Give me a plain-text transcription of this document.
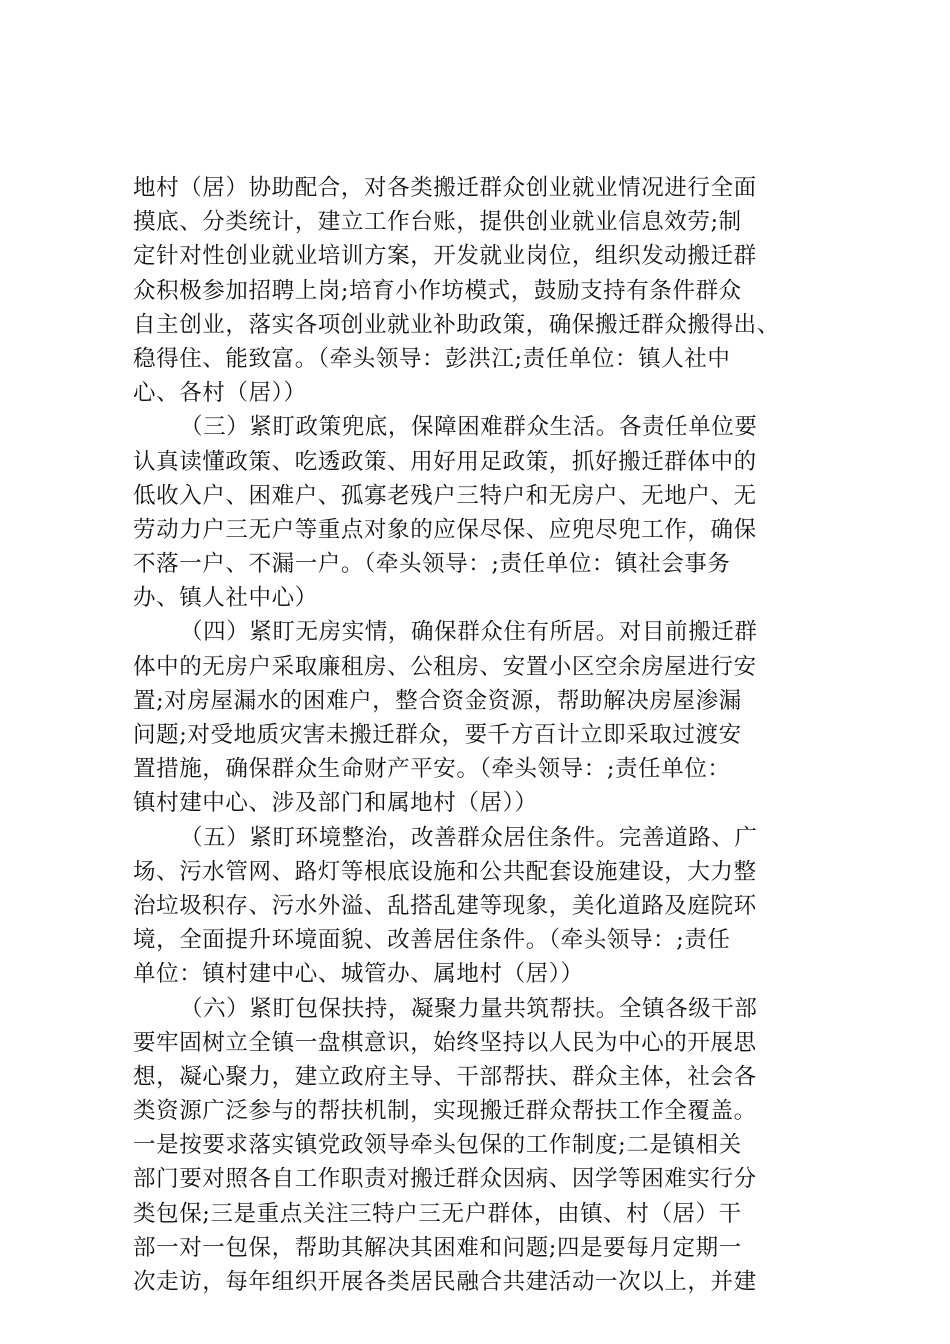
地村（居）协助配合，对各类搬迁群众创业就业情况进行全面
摸底、分类统计，建立工作台账，提供创业就业信息效劳;制
定针对性创业就业培训方案，开发就业岗位，组织发动搬迁群
众积极参加招聘上岗;培育小作坊模式，鼓励支持有条件群众
自主创业，落实各项创业就业补助政策，确保搬迁群众搬得出、
稳得住、能致富。（牵头领导：彭洪江;责任单位：镇人社中
心、各村（居））
（三）紧盯政策兜底，保障困难群众生活。各责任单位要
认真读懂政策、吃透政策、用好用足政策，抓好搬迁群体中的
低收入户、困难户、孤寡老残户三特户和无房户、无地户、无
劳动力户三无户等重点对象的应保尽保、应兜尽兜工作，确保
不落一户、不漏一户。（牵头领导：;责任单位：镇社会事务
办、镇人社中心）
（四）紧盯无房实情，确保群众住有所居。对目前搬迁群
体中的无房户采取廉租房、公租房、安置小区空余房屋进行安
置;对房屋漏水的困难户，整合资金资源，帮助解决房屋渗漏
问题;对受地质灾害未搬迁群众，要千方百计立即采取过渡安
置措施，确保群众生命财产平安。（牵头领导：;责任单位：
镇村建中心、涉及部门和属地村（居））
（五）紧盯环境整治，改善群众居住条件。完善道路、广
场、污水管网、路灯等根底设施和公共配套设施建设，大力整
治垃圾积存、污水外溢、乱搭乱建等现象，美化道路及庭院环
境，全面提升环境面貌、改善居住条件。（牵头领导：;责任
单位：镇村建中心、城管办、属地村（居））
（六）紧盯包保扶持，凝聚力量共筑帮扶。全镇各级干部
要牢固树立全镇一盘棋意识，始终坚持以人民为中心的开展思
想，凝心聚力，建立政府主导、干部帮扶、群众主体，社会各
类资源广泛参与的帮扶机制，实现搬迁群众帮扶工作全覆盖。
一是按要求落实镇党政领导牵头包保的工作制度;二是镇相关
部门要对照各自工作职责对搬迁群众因病、因学等困难实行分
类包保;三是重点关注三特户三无户群体，由镇、村（居）干
部一对一包保，帮助其解决其困难和问题;四是要每月定期一
次走访，每年组织开展各类居民融合共建活动一次以上，并建
